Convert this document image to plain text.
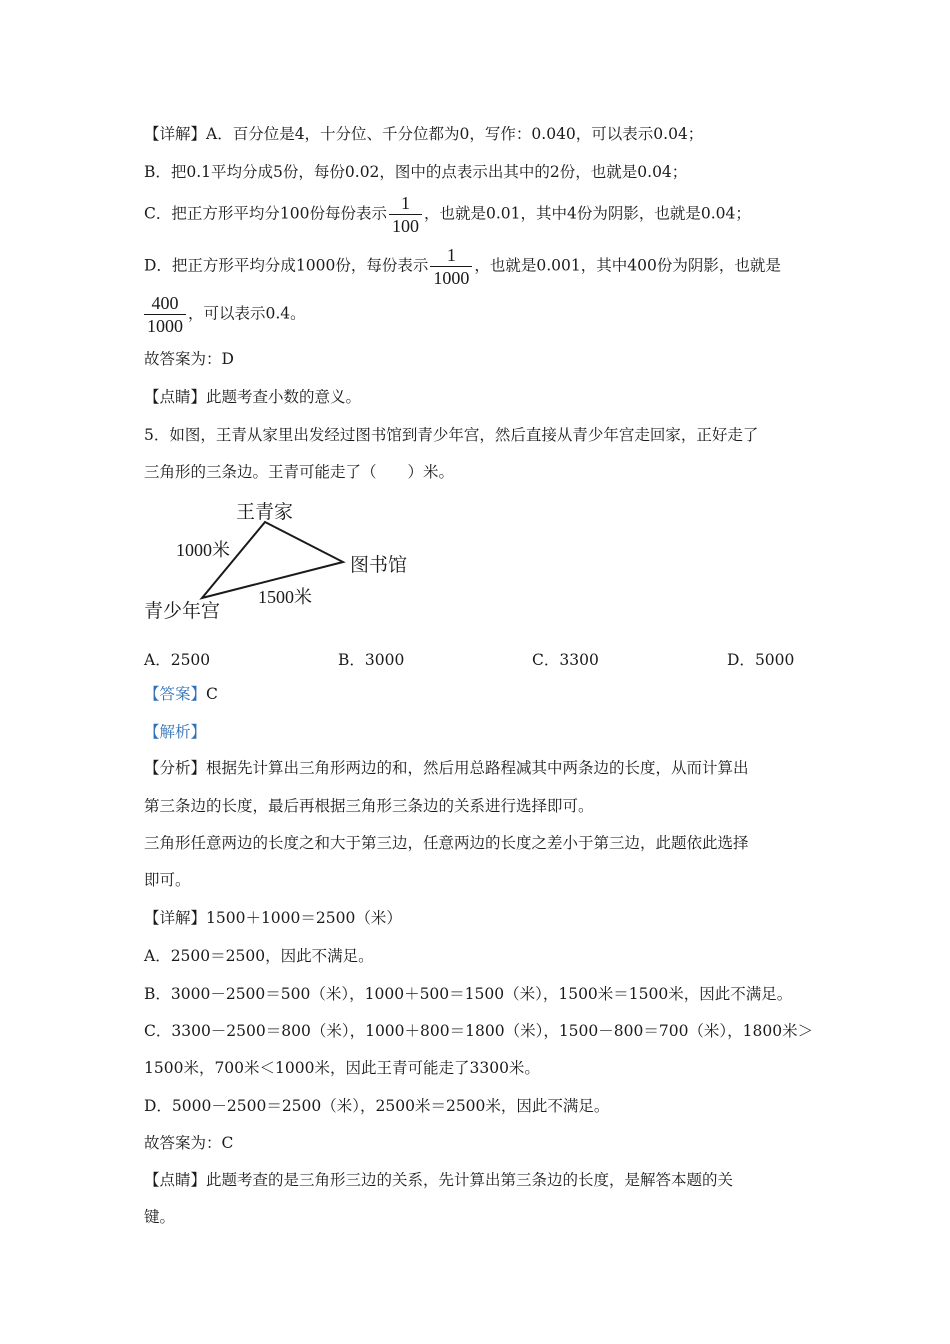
【详解】A．百分位是4，十分位、千分位都为0，写作：0.040，可以表示0.04；
B．把0.1平均分成5份，每份0.02，图中的点表示出其中的2份，也就是0.04；
C．把正方形平均分100份每份表示 $\frac{1}{100}$ ，也就是0.01，其中4份为阴影，也就是0.04；
D．把正方形平均分成1000份，每份表示 $\frac{1}{1000}$ ，也就是0.001，其中400份为阴影，也就是
$\frac{400}{1000}$ ，可以表示0.4。
故答案为：D
【点睛】此题考查小数的意义。
5．如图，王青从家里出发经过图书馆到青少年宫，然后直接从青少年宫走回家，正好走了
三角形的三条边。王青可能走了（　　）米。
王青家
图书馆
青少年宫
1000米
1500米
A．2500	B．3000	C．3300	D．5000
【答案】C
【解析】
【分析】根据先计算出三角形两边的和，然后用总路程减其中两条边的长度，从而计算出
第三条边的长度，最后再根据三角形三条边的关系进行选择即可。
三角形任意两边的长度之和大于第三边，任意两边的长度之差小于第三边，此题依此选择
即可。
【详解】1500＋1000＝2500（米）
A．2500＝2500，因此不满足。
B．3000－2500＝500（米），1000＋500＝1500（米），1500米＝1500米，因此不满足。
C．3300－2500＝800（米），1000＋800＝1800（米），1500－800＝700（米），1800米＞
1500米，700米＜1000米，因此王青可能走了3300米。
D．5000－2500＝2500（米），2500米＝2500米，因此不满足。
故答案为：C
【点睛】此题考查的是三角形三边的关系，先计算出第三条边的长度，是解答本题的关
键。
